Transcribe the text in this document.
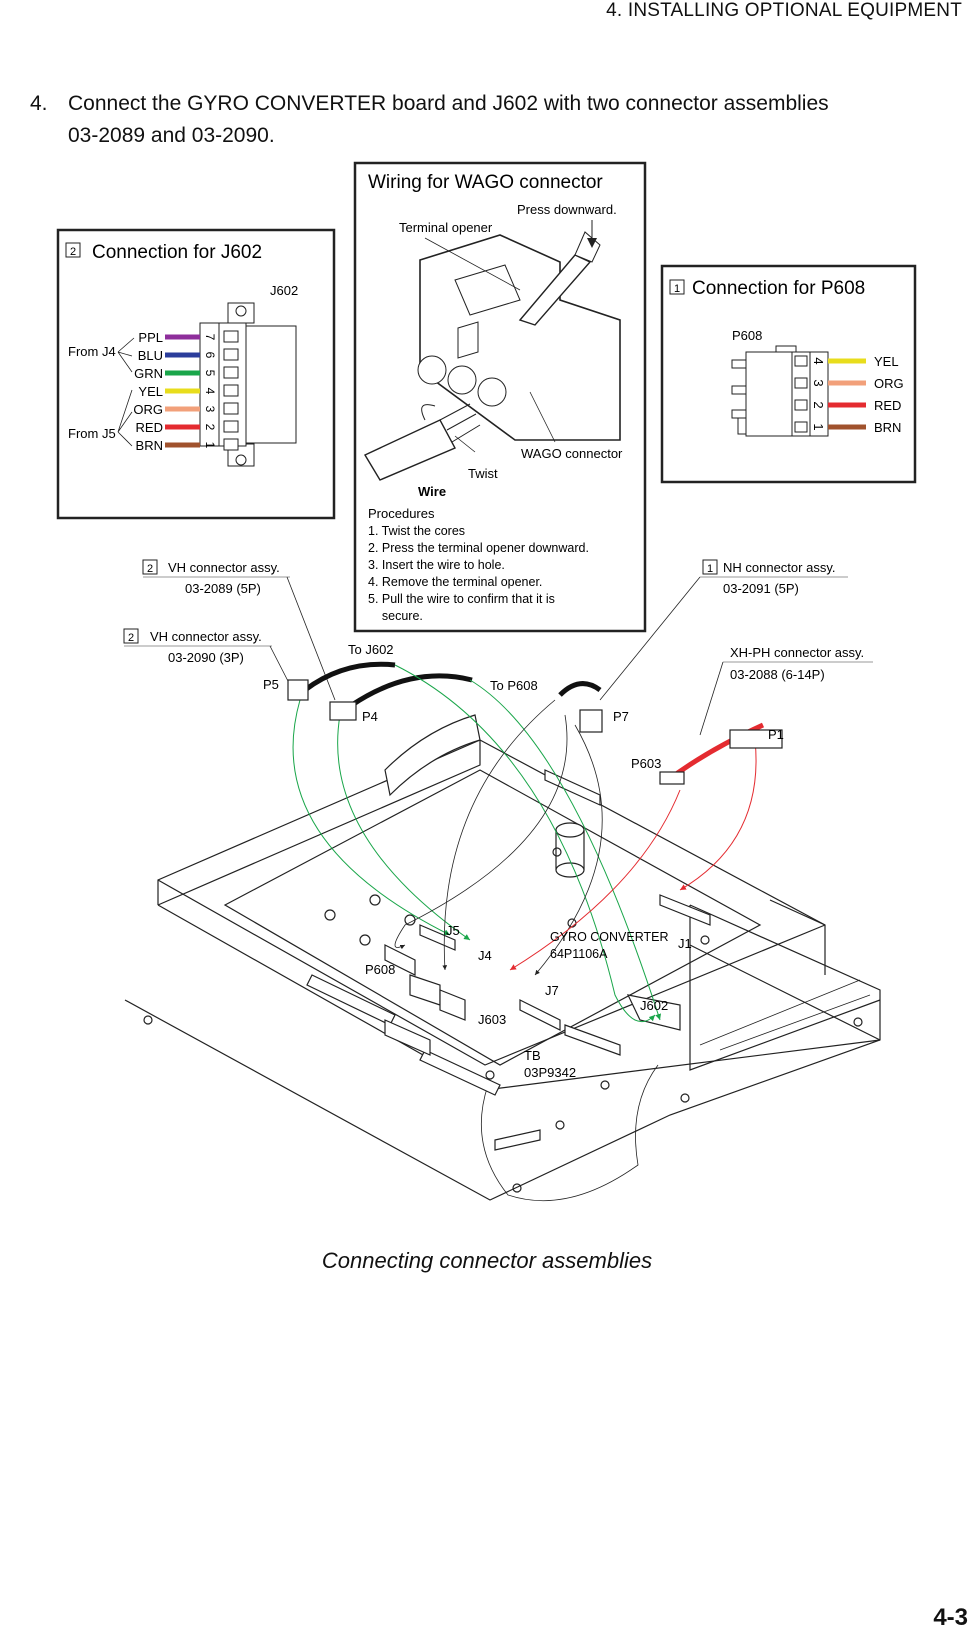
4. INSTALLING OPTIONAL EQUIPMENT
4. Connect the GYRO CONVERTER board and J602 with two connector assemblies
03-2089 and 03-2090.
2 Connection for J602
J602
PPL	7
BLU	6
GRN	5
YEL	4
ORG	3
RED	2
BRN	1
From J4
From J5
Wiring for WAGO connector
Press downward.
Terminal opener
Twist
Wire
WAGO connector
Procedures
1. Twist the cores
2. Press the terminal opener downward.
3. Insert the wire to hole.
4. Remove the terminal opener.
5. Pull the wire to confirm that it is
secure.
1 Connection for P608
P608
YEL
4
ORG
3
RED
2
BRN
1
2 VH connector assy.
03-2089 (5P)
2 VH connector assy.
03-2090 (3P)
1 NH connector assy.
03-2091 (5P)
XH-PH connector assy.
03-2088 (6-14P)
To J602
To P608
P5
P4	P7
P1
P603
J5
J4
J7
J1
J602
J603
P608
GYRO CONVERTER
64P1106A
TB
03P9342
Connecting connector assemblies
4-3
